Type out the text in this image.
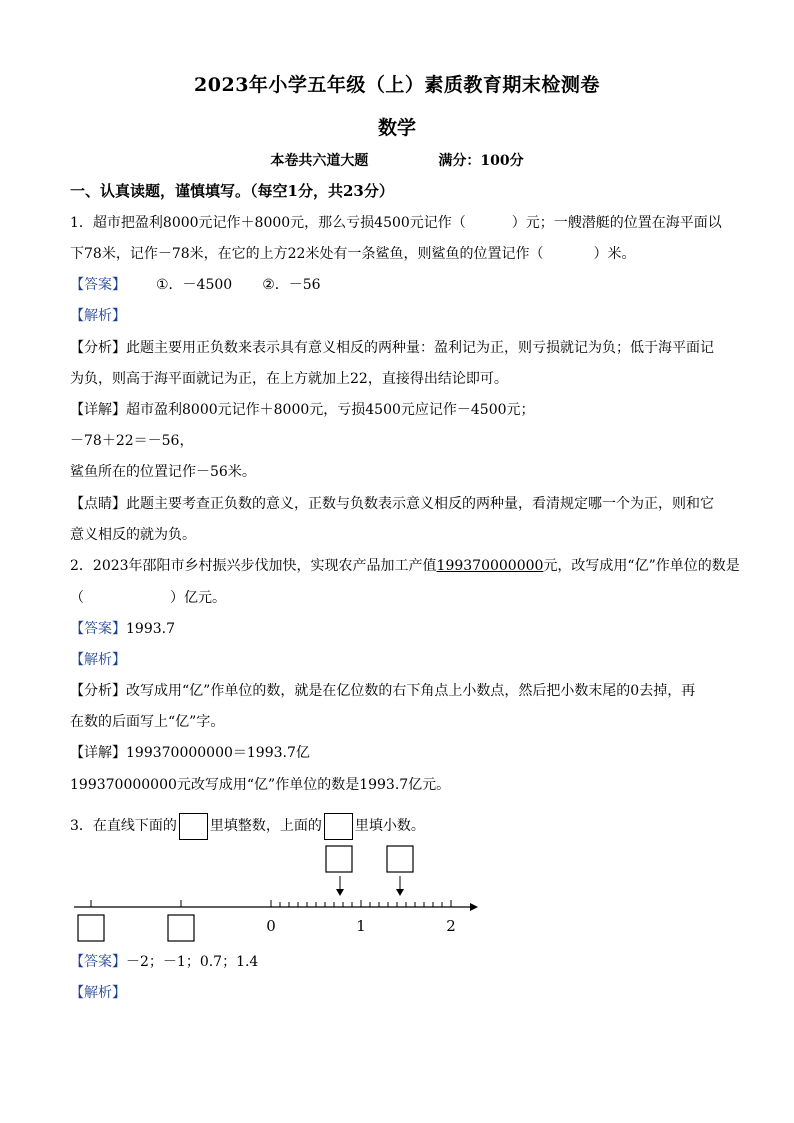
2023年小学五年级（上）素质教育期末检测卷
数学
本卷共六道大题	满分：100分
一、认真读题，谨慎填写。（每空1分，共23分）
1．超市把盈利8000元记作＋8000元，那么亏损4500元记作（	）元；一艘潜艇的位置在海平面以
下78米，记作－78米，在它的上方22米处有一条鲨鱼，则鲨鱼的位置记作（	）米。
【答案】 ①．－4500 ②．－56
【解析】
【分析】此题主要用正负数来表示具有意义相反的两种量：盈利记为正，则亏损就记为负；低于海平面记
为负，则高于海平面就记为正，在上方就加上22，直接得出结论即可。
【详解】超市盈利8000元记作＋8000元，亏损4500元应记作－4500元；
－78＋22＝－56，
鲨鱼所在的位置记作－56米。
【点睛】此题主要考查正负数的意义，正数与负数表示意义相反的两种量，看清规定哪一个为正，则和它
意义相反的就为负。
2．2023年邵阳市乡村振兴步伐加快，实现农产品加工产值199370000000元，改写成用“亿”作单位的数是
（	）亿元。
【答案】1993.7
【解析】
【分析】改写成用“亿”作单位的数，就是在亿位数的右下角点上小数点，然后把小数末尾的0去掉，再
在数的后面写上“亿”字。
【详解】199370000000＝1993.7亿
199370000000元改写成用“亿”作单位的数是1993.7亿元。
3．在直线下面的 里填整数，上面的 里填小数。
0	1	2
【答案】－2；－1；0.7；1.4
【解析】
